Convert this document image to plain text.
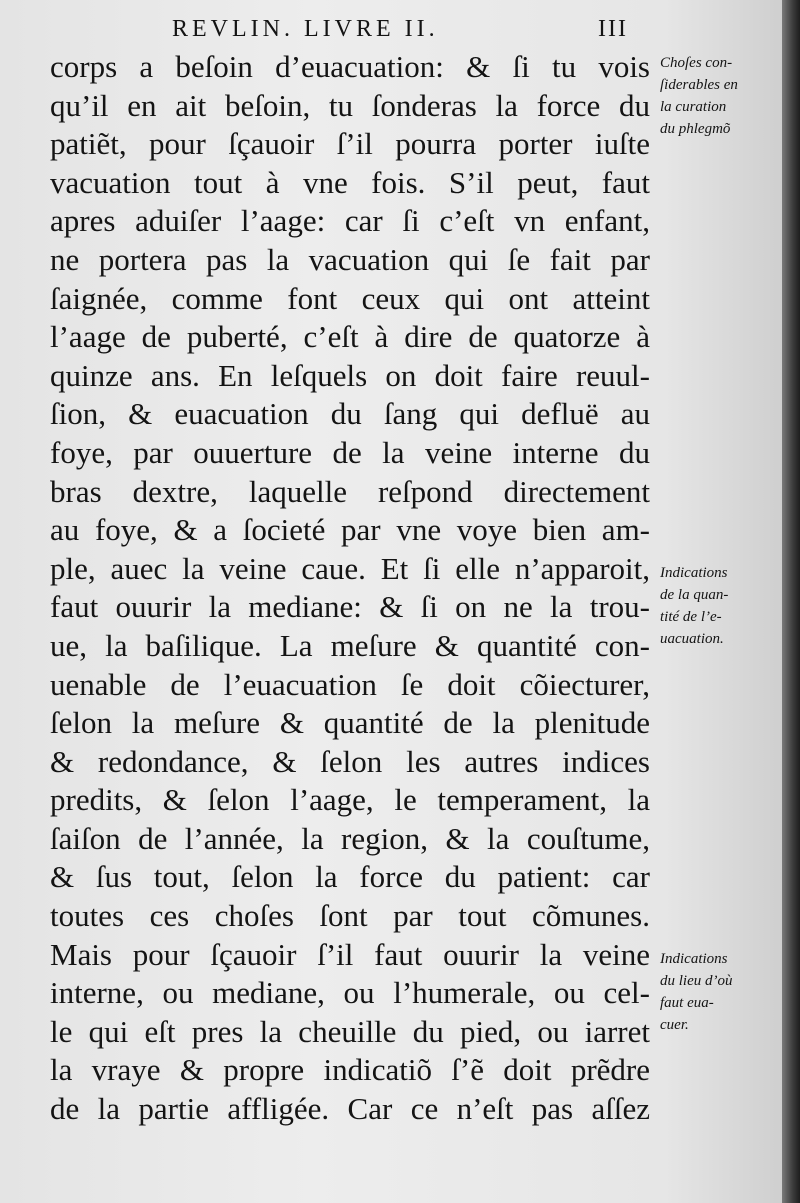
REVLIN. LIVRE II.	III
corps a beſoin d’euacuation: & ſi tu vois
qu’il en ait beſoin, tu ſonderas la force du
patiẽt, pour ſçauoir ſ’il pourra porter iuſte
vacuation tout à vne fois. S’il peut, faut
apres aduiſer l’aage: car ſi c’eſt vn enfant,
ne portera pas la vacuation qui ſe fait par
ſaignée, comme font ceux qui ont atteint
l’aage de puberté, c’eſt à dire de quatorze à
quinze ans. En leſquels on doit faire reuul-
ſion, & euacuation du ſang qui defluë au
foye, par ouuerture de la veine interne du
bras dextre, laquelle reſpond directement
au foye, & a ſocieté par vne voye bien am-
ple, auec la veine caue. Et ſi elle n’apparoit,
faut ouurir la mediane: & ſi on ne la trou-
ue, la baſilique. La meſure & quantité con-
uenable de l’euacuation ſe doit cõiecturer,
ſelon la meſure & quantité de la plenitude
& redondance, & ſelon les autres indices
predits, & ſelon l’aage, le temperament, la
ſaiſon de l’année, la region, & la couſtume,
& ſus tout, ſelon la force du patient: car
toutes ces choſes ſont par tout cõmunes.
Mais pour ſçauoir ſ’il faut ouurir la veine
interne, ou mediane, ou l’humerale, ou cel-
le qui eſt pres la cheuille du pied, ou iarret
la vraye & propre indicatiõ ſ’ẽ doit prẽdre
de la partie affligée. Car ce n’eſt pas aſſez
Choſes con-
ſiderables en
la curation
du phlegmõ
Indications
de la quan-
tité de l’e-
uacuation.
Indications
du lieu d’où
faut eua-
cuer.
